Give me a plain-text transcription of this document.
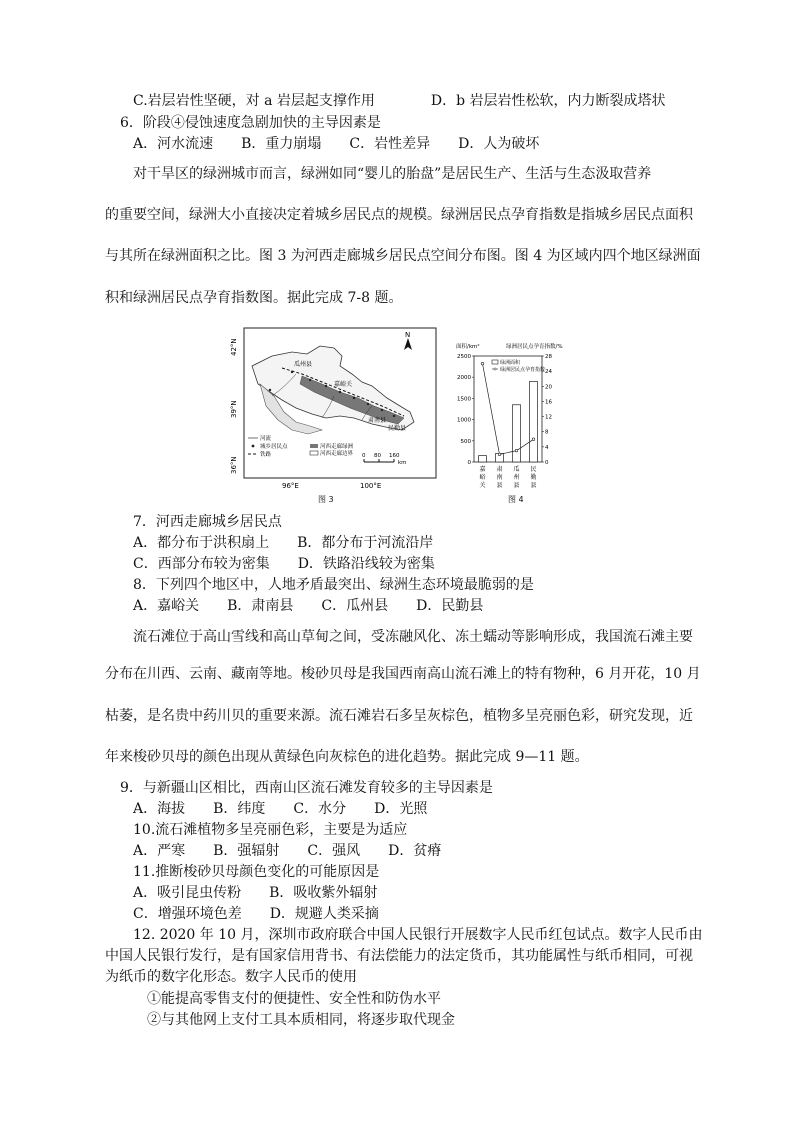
C.岩层岩性坚硬，对 a 岩层起支撑作用　　　　D．b 岩层岩性松软，内力断裂成塔状
6．阶段④侵蚀速度急剧加快的主导因素是
A．河水流速　　B．重力崩塌　　C．岩性差异　　D．人为破坏
对干旱区的绿洲城市而言，绿洲如同“婴儿的胎盘”是居民生产、生活与生态汲取营养
的重要空间，绿洲大小直接决定着城乡居民点的规模。绿洲居民点孕育指数是指城乡居民点面积
与其所在绿洲面积之比。图 3 为河西走廊城乡居民点空间分布图。图 4 为区域内四个地区绿洲面
积和绿洲居民点孕育指数图。据此完成 7-8 题。
42°N
39°N
36°N
96°E	100°E
瓜州县
嘉峪关
肃南县
民勤县
N
河流
城乡居民点
铁路
河西走廊绿洲
河西走廊边界 0 80 160
km
图 3
面积/km²	绿洲居民点孕育指数/%
0
500
1000
1500
2000
2500
0
4
8
12
16
20
24
28
嘉
峪
关
肃
南
县
瓜
州
县
民
勤
县
绿洲面积
绿洲居民点孕育指数
图 4
7．河西走廊城乡居民点
A．都分布于洪积扇上　　B．都分布于河流沿岸
C．西部分布较为密集　　D．铁路沿线较为密集
8．下列四个地区中，人地矛盾最突出、绿洲生态环境最脆弱的是
A．嘉峪关　　B．肃南县　　C．瓜州县　　D．民勤县
流石滩位于高山雪线和高山草甸之间，受冻融风化、冻土蠕动等影响形成，我国流石滩主要
分布在川西、云南、藏南等地。梭砂贝母是我国西南高山流石滩上的特有物种，6 月开花，10 月
枯萎，是名贵中药川贝的重要来源。流石滩岩石多呈灰棕色，植物多呈亮丽色彩，研究发现，近
年来梭砂贝母的颜色出现从黄绿色向灰棕色的进化趋势。据此完成 9—11 题。
9．与新疆山区相比，西南山区流石滩发育较多的主导因素是
A．海拔　　B．纬度　　C．水分　　D．光照
10.流石滩植物多呈亮丽色彩，主要是为适应
A．严寒　　B．强辐射　　C．强风　　D．贫瘠
11.推断梭砂贝母颜色变化的可能原因是
A．吸引昆虫传粉　　B．吸收紫外辐射
C．增强环境色差　　D．规避人类采摘
12. 2020 年 10 月，深圳市政府联合中国人民银行开展数字人民币红包试点。数字人民币由
中国人民银行发行，是有国家信用背书、有法偿能力的法定货币，其功能属性与纸币相同，可视
为纸币的数字化形态。数字人民币的使用
①能提高零售支付的便捷性、安全性和防伪水平
②与其他网上支付工具本质相同，将逐步取代现金
